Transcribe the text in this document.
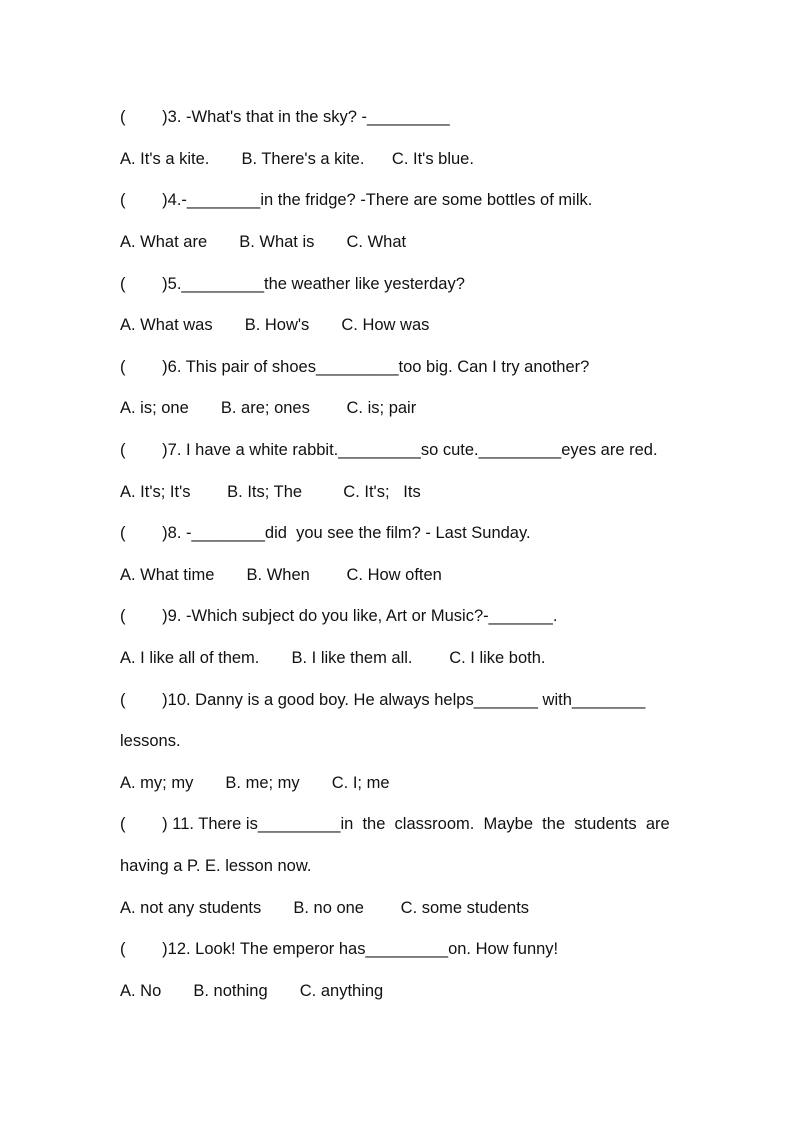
(        )3. -What's that in the sky? -_________
A. It's a kite.       B. There's a kite.      C. It's blue.
(        )4.-________in the fridge? -There are some bottles of milk.
A. What are       B. What is       C. What
(        )5._________the weather like yesterday?
A. What was       B. How's       C. How was
(        )6. This pair of shoes_________too big. Can I try another?
A. is; one       B. are; ones        C. is; pair
(        )7. I have a white rabbit._________so cute._________eyes are red.
A. It's; It's        B. Its; The         C. It's;   Its
(        )8. -________did  you see the film? - Last Sunday.
A. What time       B. When        C. How often
(        )9. -Which subject do you like, Art or Music?-_______.
A. I like all of them.       B. I like them all.        C. I like both.
(        )10. Danny is a good boy. He always helps_______ with________
lessons.
A. my; my       B. me; my       C. I; me
(        ) 11. There is_________in  the  classroom.  Maybe  the  students  are
having a P. E. lesson now.
A. not any students       B. no one        C. some students
(        )12. Look! The emperor has_________on. How funny!
A. No       B. nothing       C. anything
